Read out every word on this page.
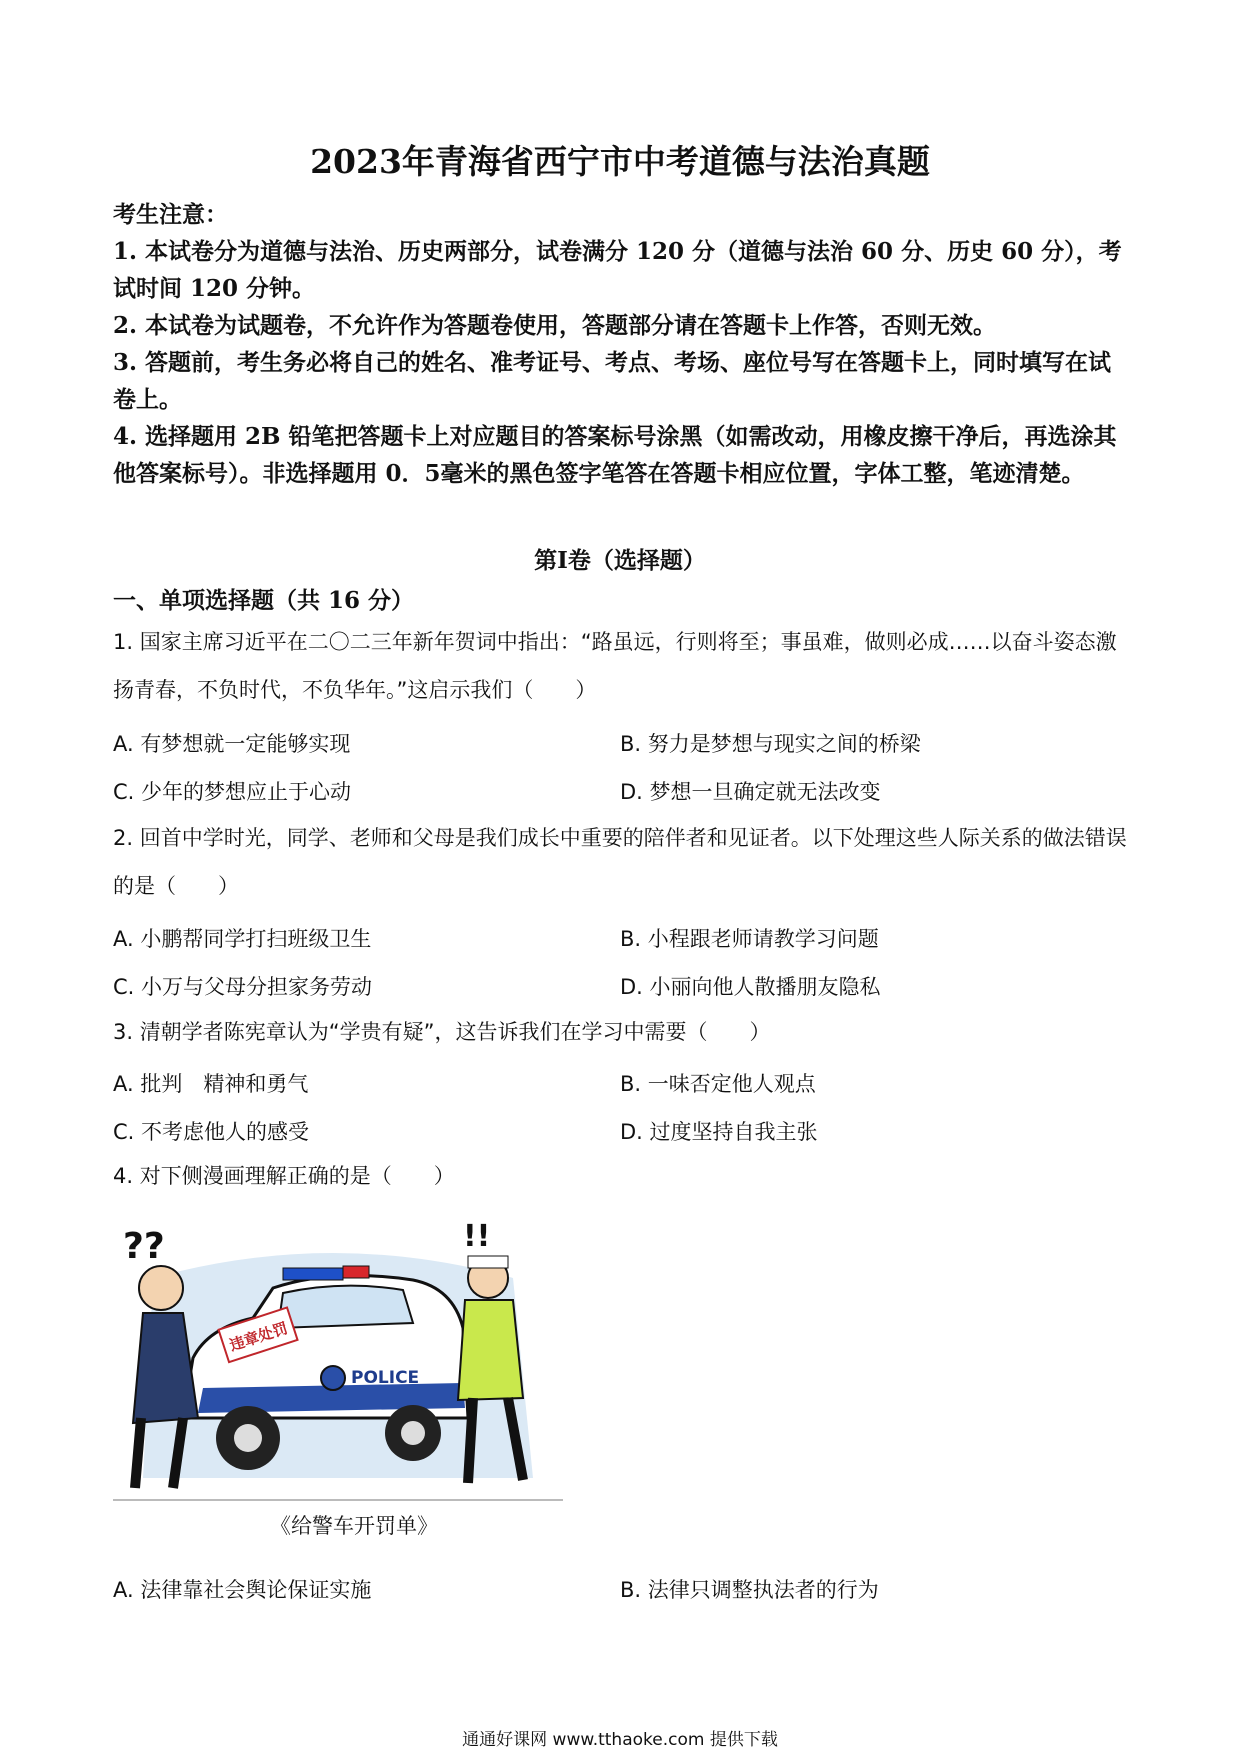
2023年青海省西宁市中考道德与法治真题

考生注意：

1. 本试卷分为道德与法治、历史两部分，试卷满分 120 分（道德与法治 60 分、历史 60 分），考试时间 120 分钟。

2. 本试卷为试题卷，不允许作为答题卷使用，答题部分请在答题卡上作答，否则无效。

3. 答题前，考生务必将自己的姓名、准考证号、考点、考场、座位号写在答题卡上，同时填写在试卷上。

4. 选择题用 2B 铅笔把答题卡上对应题目的答案标号涂黑（如需改动，用橡皮擦干净后，再选涂其他答案标号）。非选择题用 0．5毫米的黑色签字笔答在答题卡相应位置，字体工整，笔迹清楚。

第Ⅰ卷（选择题）
一、单项选择题（共 16 分）

1. 国家主席习近平在二〇二三年新年贺词中指出：“路虽远，行则将至；事虽难，做则必成……以奋斗姿态激扬青春，不负时代，不负华年。”这启示我们（　　）

A. 有梦想就一定能够实现	B. 努力是梦想与现实之间的桥梁
C. 少年的梦想应止于心动	D. 梦想一旦确定就无法改变

2. 回首中学时光，同学、老师和父母是我们成长中重要的陪伴者和见证者。以下处理这些人际关系的做法错误的是（　　）

A. 小鹏帮同学打扫班级卫生	B. 小程跟老师请教学习问题
C. 小万与父母分担家务劳动	D. 小丽向他人散播朋友隐私

3. 清朝学者陈宪章认为“学贵有疑”，这告诉我们在学习中需要（　　）

A. 批判　精神和勇气	B. 一味否定他人观点
C. 不考虑他人的感受	D. 过度坚持自我主张

4. 对下侧漫画理解正确的是（　　）

POLICE
违章处罚
??	!!
《给警车开罚单》
A. 法律靠社会舆论保证实施	B. 法律只调整执法者的行为
通通好课网 www.tthaoke.com 提供下载
